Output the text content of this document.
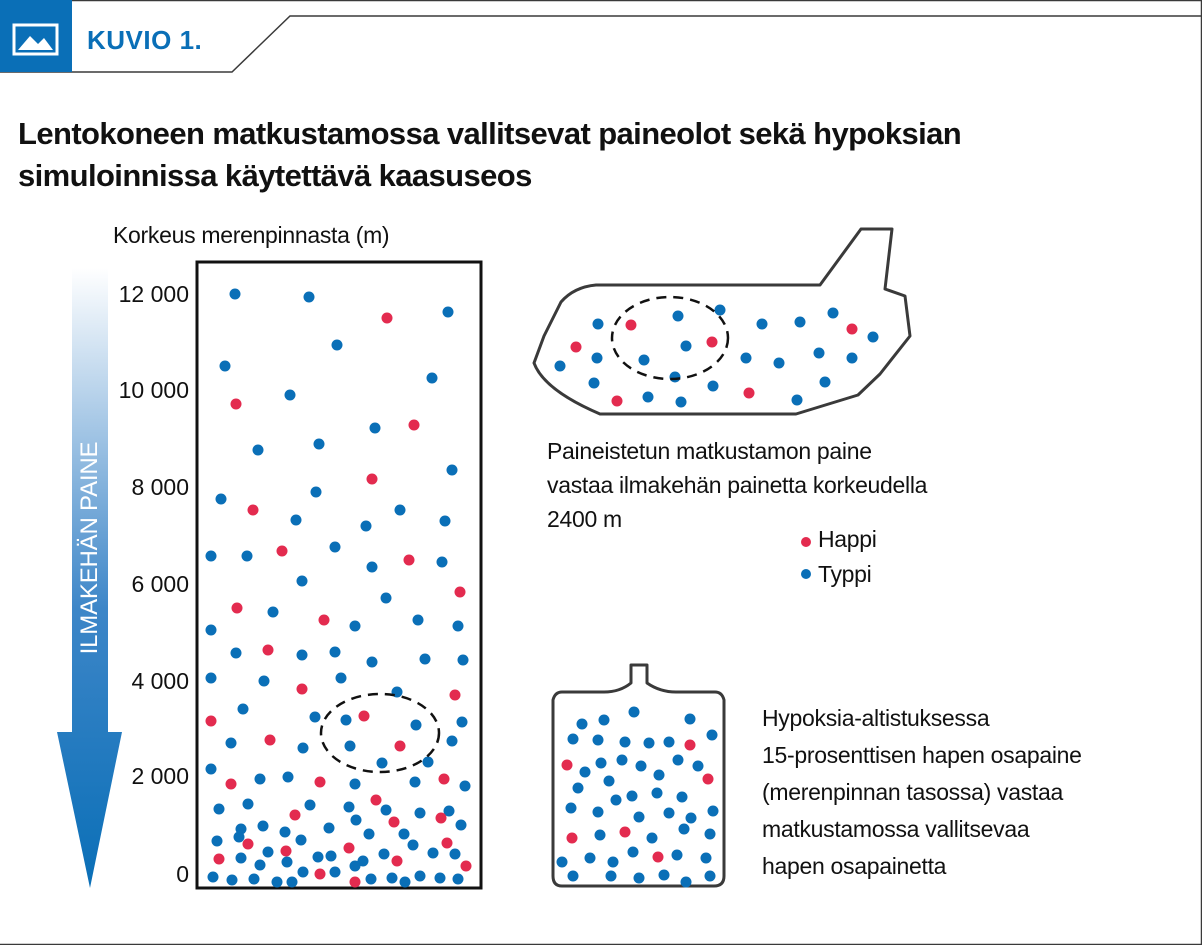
KUVIO 1.
Lentokoneen matkustamossa vallitsevat paineolot sekä hypoksian
simuloinnissa käytettävä kaasuseos
Korkeus merenpinnasta (m)
12 000
10 000
8 000
6 000
4 000
2 000
0
ILMAKEHÄN PAINE	Paineistetun matkustamon paine
vastaa ilmakehän painetta korkeudella
2400 m
Happi
Typpi
Hypoksia-altistuksessa
15-prosenttisen hapen osapaine
(merenpinnan tasossa) vastaa
matkustamossa vallitsevaa
hapen osapainetta
